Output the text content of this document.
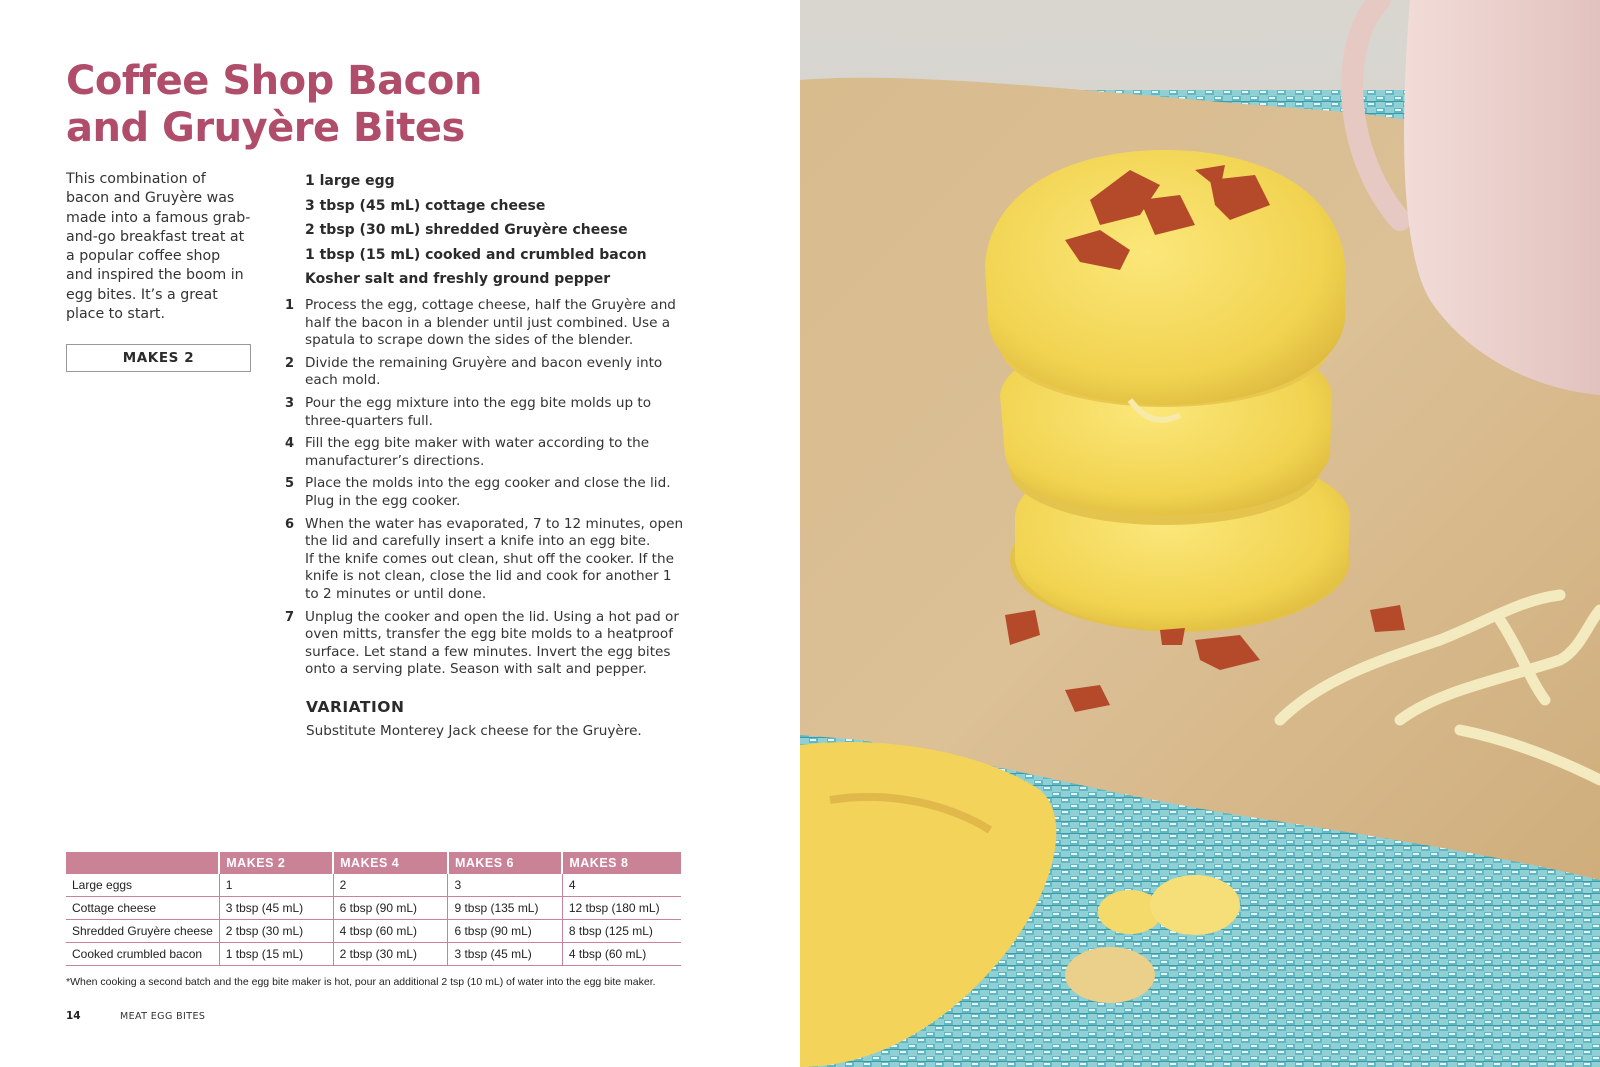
Coffee Shop Bacon
and Gruyère Bites

This combination of bacon and Gruyère was made into a famous grab-and-go breakfast treat at a popular coffee shop and inspired the boom in egg bites. It’s a great place to start.

MAKES 2
1 large egg
3 tbsp (45 mL) cottage cheese
2 tbsp (30 mL) shredded Gruyère cheese
1 tbsp (15 mL) cooked and crumbled bacon
Kosher salt and freshly ground pepper
1 Process the egg, cottage cheese, half the Gruyère and half the bacon in a blender until just combined. Use a spatula to scrape down the sides of the blender.
2 Divide the remaining Gruyère and bacon evenly into each mold.
3 Pour the egg mixture into the egg bite molds up to three-quarters full.
4 Fill the egg bite maker with water according to the manufacturer’s directions.
5 Place the molds into the egg cooker and close the lid. Plug in the egg cooker.
6 When the water has evaporated, 7 to 12 minutes, open the lid and carefully insert a knife into an egg bite.
If the knife comes out clean, shut off the cooker. If the knife is not clean, close the lid and cook for another 1 to 2 minutes or until done.
7 Unplug the cooker and open the lid. Using a hot pad or oven mitts, transfer the egg bite molds to a heatproof surface. Let stand a few minutes. Invert the egg bites onto a serving plate. Season with salt and pepper.
VARIATION

Substitute Monterey Jack cheese for the Gruyère.

	MAKES 2	MAKES 4	MAKES 6	MAKES 8
Large eggs	1	2	3	4
Cottage cheese	3 tbsp (45 mL)	6 tbsp (90 mL)	9 tbsp (135 mL)	12 tbsp (180 mL)
Shredded Gruyère cheese	2 tbsp (30 mL)	4 tbsp (60 mL)	6 tbsp (90 mL)	8 tbsp (125 mL)
Cooked crumbled bacon	1 tbsp (15 mL)	2 tbsp (30 mL)	3 tbsp (45 mL)	4 tbsp (60 mL)

*When cooking a second batch and the egg bite maker is hot, pour an additional 2 tsp (10 mL) of water into the egg bite maker.

14	MEAT EGG BITES
